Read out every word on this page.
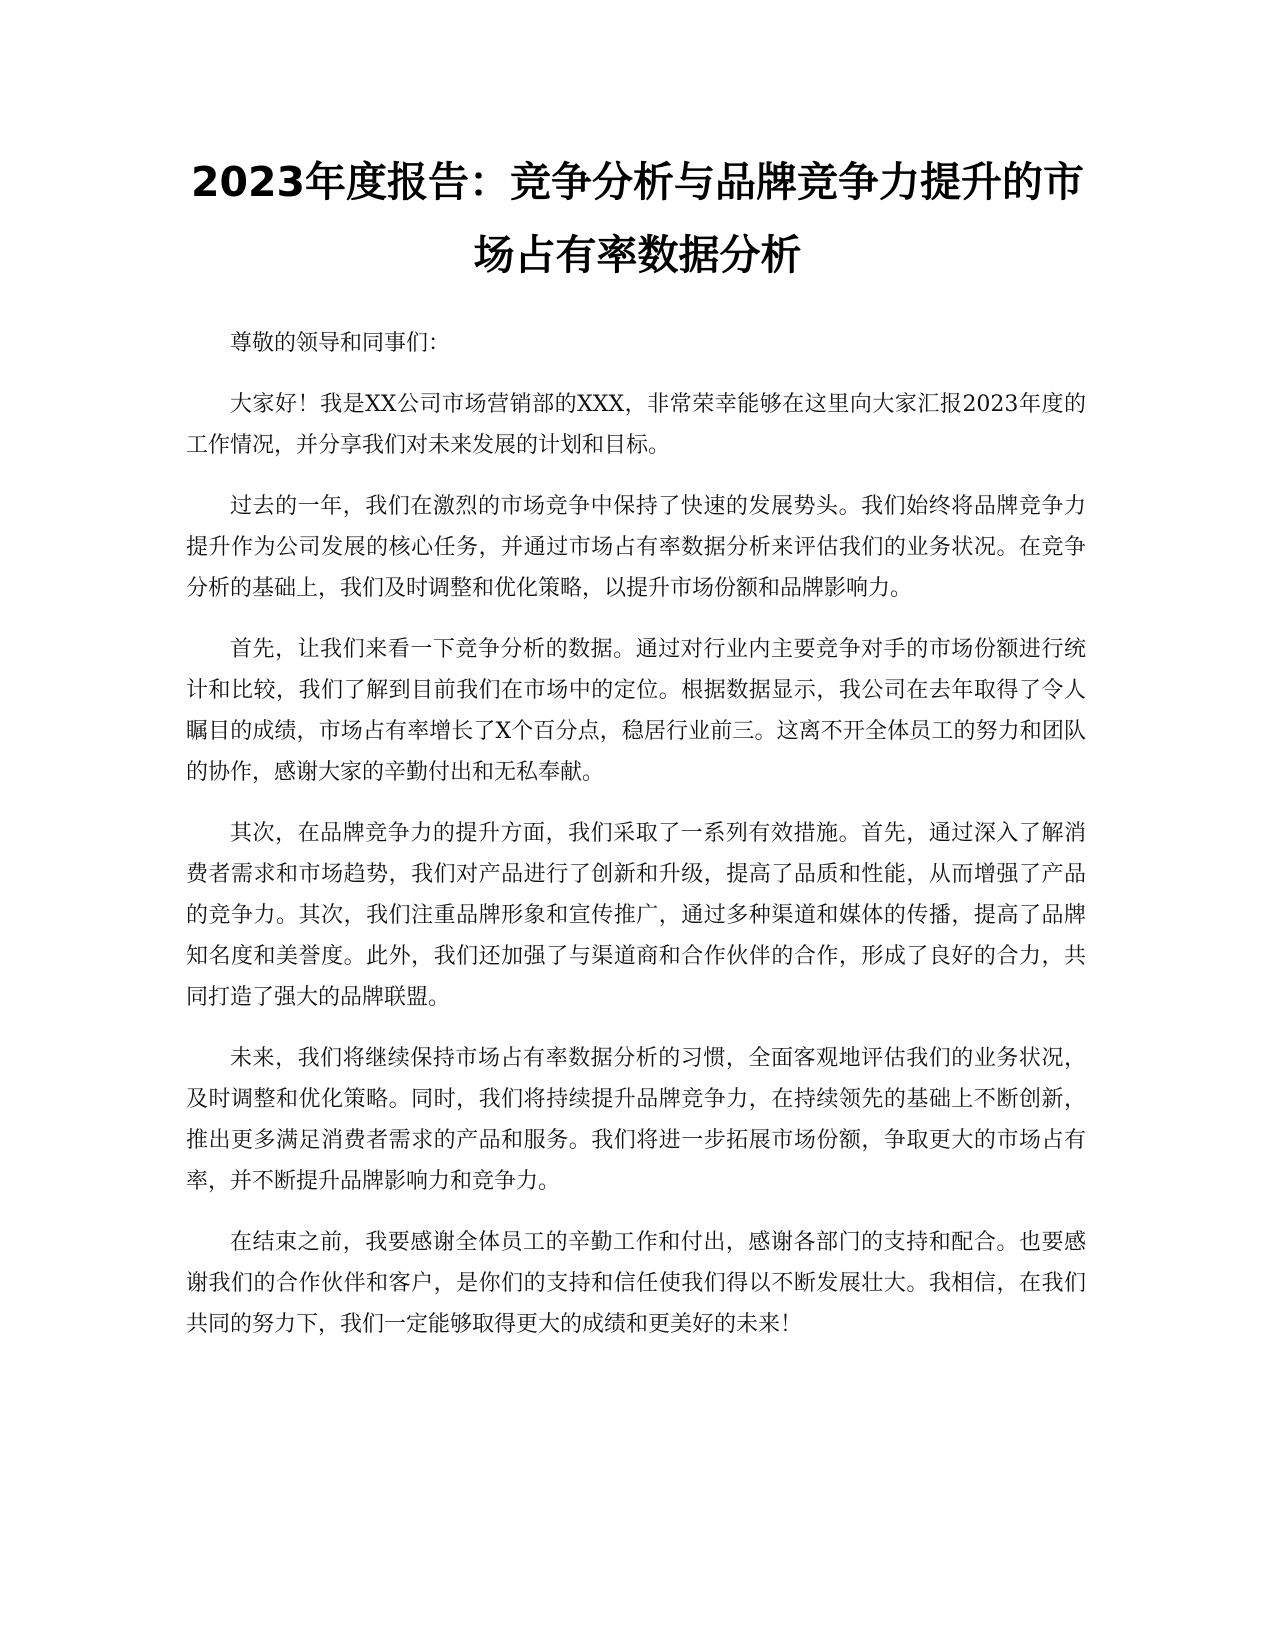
2023年度报告：竞争分析与品牌竞争力提升的市场占有率数据分析

尊敬的领导和同事们：

大家好！我是XX公司市场营销部的XXX，非常荣幸能够在这里向大家汇报2023年度的工作情况，并分享我们对未来发展的计划和目标。

过去的一年，我们在激烈的市场竞争中保持了快速的发展势头。我们始终将品牌竞争力提升作为公司发展的核心任务，并通过市场占有率数据分析来评估我们的业务状况。在竞争分析的基础上，我们及时调整和优化策略，以提升市场份额和品牌影响力。

首先，让我们来看一下竞争分析的数据。通过对行业内主要竞争对手的市场份额进行统计和比较，我们了解到目前我们在市场中的定位。根据数据显示，我公司在去年取得了令人瞩目的成绩，市场占有率增长了X个百分点，稳居行业前三。这离不开全体员工的努力和团队的协作，感谢大家的辛勤付出和无私奉献。

其次，在品牌竞争力的提升方面，我们采取了一系列有效措施。首先，通过深入了解消费者需求和市场趋势，我们对产品进行了创新和升级，提高了品质和性能，从而增强了产品的竞争力。其次，我们注重品牌形象和宣传推广，通过多种渠道和媒体的传播，提高了品牌知名度和美誉度。此外，我们还加强了与渠道商和合作伙伴的合作，形成了良好的合力，共同打造了强大的品牌联盟。

未来，我们将继续保持市场占有率数据分析的习惯，全面客观地评估我们的业务状况，及时调整和优化策略。同时，我们将持续提升品牌竞争力，在持续领先的基础上不断创新，推出更多满足消费者需求的产品和服务。我们将进一步拓展市场份额，争取更大的市场占有率，并不断提升品牌影响力和竞争力。

在结束之前，我要感谢全体员工的辛勤工作和付出，感谢各部门的支持和配合。也要感谢我们的合作伙伴和客户，是你们的支持和信任使我们得以不断发展壮大。我相信，在我们共同的努力下，我们一定能够取得更大的成绩和更美好的未来！
